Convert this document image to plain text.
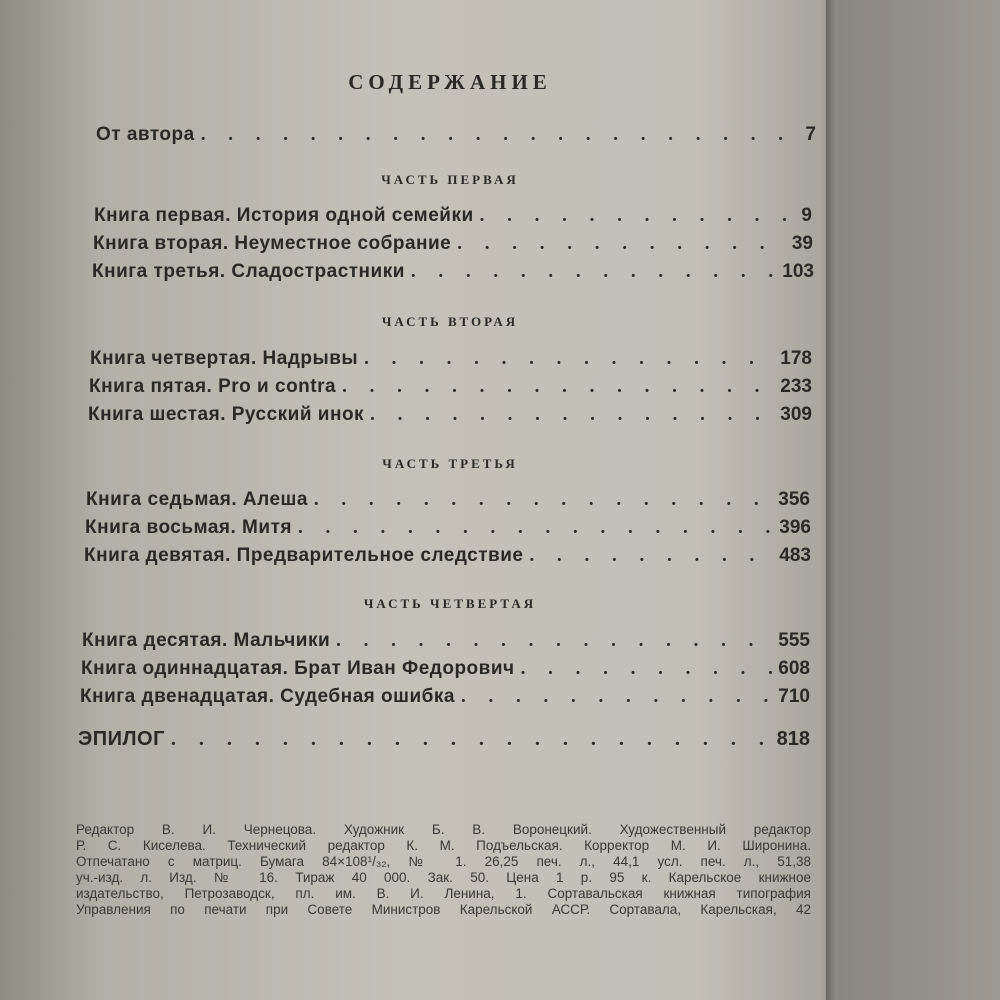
СОДЕРЖАНИЕ
От автора . . .	7
ЧАСТЬ ПЕРВАЯ
Книга первая. История одной семейки . . .	9
Книга вторая. Неуместное собрание . . .	39
Книга третья. Сладострастники . . .	103
ЧАСТЬ ВТОРАЯ
Книга четвертая. Надрывы . . .	178
Книга пятая. Pro и contra . . .	233
Книга шестая. Русский инок . . .	309
ЧАСТЬ ТРЕТЬЯ
Книга седьмая. Алеша . . .	356
Книга восьмая. Митя . . .	396
Книга девятая. Предварительное следствие . . .	483
ЧАСТЬ ЧЕТВЕРТАЯ
Книга десятая. Мальчики . . .	555
Книга одиннадцатая. Брат Иван Федорович . . .	608
Книга двенадцатая. Судебная ошибка . . .	710
ЭПИЛОГ . . .	818
Редактор В. И. Чернецова. Художник Б. В. Воронецкий. Художественный редактор
Р. С. Киселева. Технический редактор К. М. Подъельская. Корректор М. И. Широнина.
Отпечатано с матриц. Бумага 84×108¹/₃₂, № 1. 26,25 печ. л., 44,1 усл. печ. л., 51,38
уч.-изд. л. Изд. № 16. Тираж 40 000. Зак. 50. Цена 1 р. 95 к. Карельское книжное
издательство, Петрозаводск, пл. им. В. И. Ленина, 1. Сортавальская книжная типография
Управления по печати при Совете Министров Карельской АССР. Сортавала, Карельская, 42
